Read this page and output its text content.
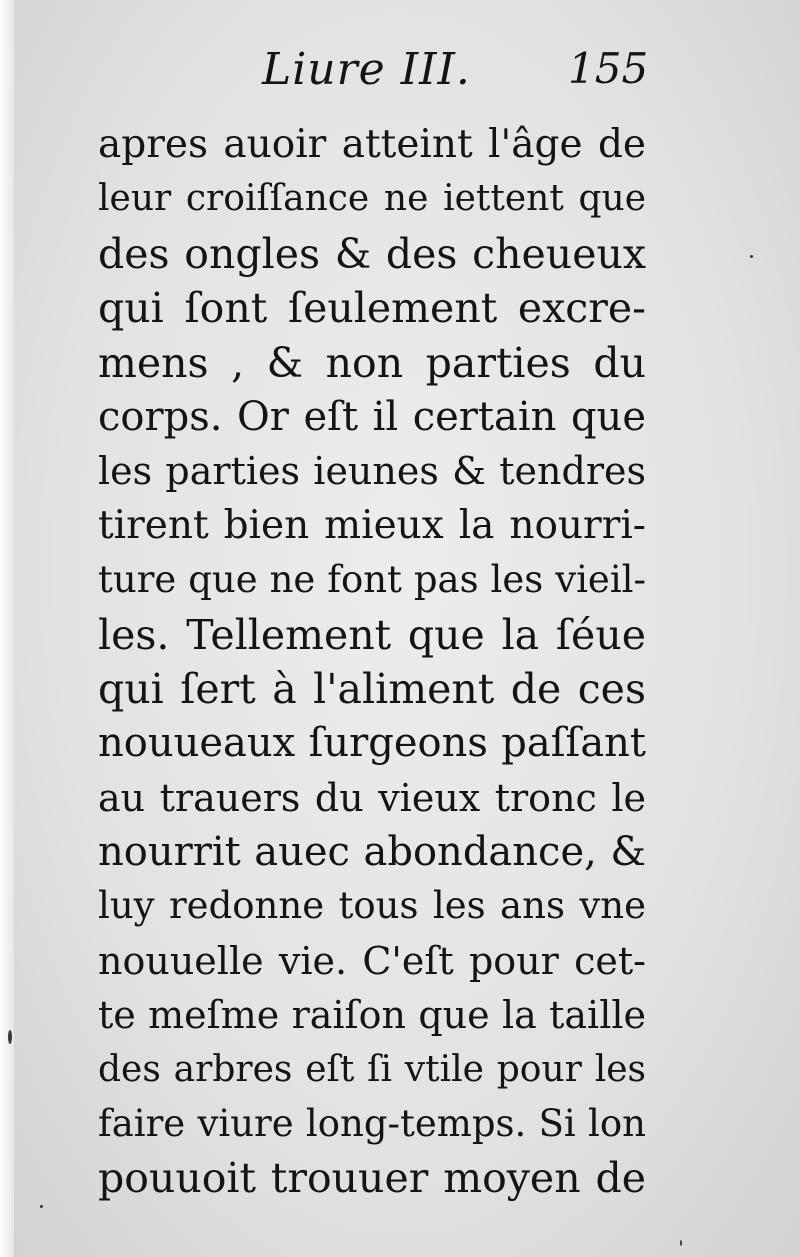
Liure III. 155
apres auoir atteint l'âge de
leur croiſſance ne iettent que
des ongles & des cheueux
qui ſont ſeulement excre-
mens , & non parties du
corps. Or eſt il certain que
les parties ieunes & tendres
tirent bien mieux la nourri-
ture que ne font pas les vieil-
les. Tellement que la ſéue
qui ſert à l'aliment de ces
nouueaux ſurgeons paſſant
au trauers du vieux tronc le
nourrit auec abondance, &
luy redonne tous les ans vne
nouuelle vie. C'eſt pour cet-
te meſme raiſon que la taille
des arbres eſt ſi vtile pour les
faire viure long-temps. Si lon
pouuoit trouuer moyen de
